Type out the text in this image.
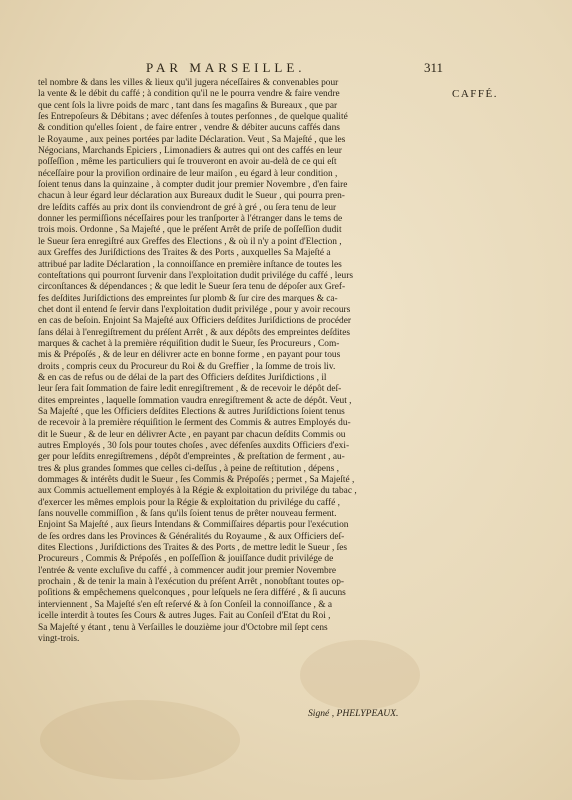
PAR MARSEILLE.	311
CAFFÉ.
tel nombre & dans les villes & lieux qu'il jugera néceſſaires & convenables pour
la vente & le débit du caffé ; à condition qu'il ne le pourra vendre & faire vendre
que cent ſols la livre poids de marc , tant dans ſes magaſins & Bureaux , que par
ſes Entrepoſeurs & Débitans ; avec défenſes à toutes perſonnes , de quelque qualité
& condition qu'elles ſoient , de faire entrer , vendre & débiter aucuns caffés dans
le Royaume , aux peines portées par ladite Déclaration. Veut , Sa Majeſté , que les
Négocians, Marchands Epiciers , Limonadiers & autres qui ont des caffés en leur
poſſeſſion , même les particuliers qui ſe trouveront en avoir au-delà de ce qui eſt
néceſſaire pour la proviſion ordinaire de leur maiſon , eu égard à leur condition ,
ſoient tenus dans la quinzaine , à compter dudit jour premier Novembre , d'en faire
chacun à leur égard leur déclaration aux Bureaux dudit le Sueur , qui pourra pren-
dre leſdits caffés au prix dont ils conviendront de gré à gré , ou ſera tenu de leur
donner les permiſſions néceſſaires pour les tranſporter à l'étranger dans le tems de
trois mois. Ordonne , Sa Majeſté , que le préſent Arrêt de priſe de poſſeſſion dudit
le Sueur ſera enregiſtré aux Greffes des Elections , & où il n'y a point d'Election ,
aux Greffes des Juriſdictions des Traites & des Ports , auxquelles Sa Majeſté a
attribué par ladite Déclaration , la connoiſſance en première inſtance de toutes les
conteſtations qui pourront ſurvenir dans l'exploitation dudit privilége du caffé , leurs
circonſtances & dépendances ; & que ledit le Sueur ſera tenu de dépoſer aux Gref-
fes deſdites Juriſdictions des empreintes ſur plomb & ſur cire des marques & ca-
chet dont il entend ſe ſervir dans l'exploitation dudit privilége , pour y avoir recours
en cas de beſoin. Enjoint Sa Majeſté aux Officiers deſdites Juriſdictions de procéder
ſans délai à l'enregiſtrement du préſent Arrêt , & aux dépôts des empreintes deſdites
marques & cachet à la première réquiſition dudit le Sueur, ſes Procureurs , Com-
mis & Prépoſés , & de leur en délivrer acte en bonne forme , en payant pour tous
droits , compris ceux du Procureur du Roi & du Greffier , la ſomme de trois liv.
& en cas de refus ou de délai de la part des Officiers deſdites Juriſdictions , il
leur ſera fait ſommation de faire ledit enregiſtrement , & de recevoir le dépôt deſ-
dites empreintes , laquelle ſommation vaudra enregiſtrement & acte de dépôt. Veut ,
Sa Majeſté , que les Officiers deſdites Elections & autres Juriſdictions ſoient tenus
de recevoir à la première réquiſition le ſerment des Commis & autres Employés du-
dit le Sueur , & de leur en délivrer Acte , en payant par chacun deſdits Commis ou
autres Employés , 30 ſols pour toutes choſes , avec défenſes auxdits Officiers d'exi-
ger pour leſdits enregiſtremens , dépôt d'empreintes , & preſtation de ferment , au-
tres & plus grandes ſommes que celles ci-deſſus , à peine de reſtitution , dépens ,
dommages & intérêts dudit le Sueur , ſes Commis & Prépoſés ; permet , Sa Majeſté ,
aux Commis actuellement employés à la Régie & exploitation du privilége du tabac ,
d'exercer les mêmes emplois pour la Régie & exploitation du privilége du caffé ,
ſans nouvelle commiſſion , & ſans qu'ils ſoient tenus de prêter nouveau ferment.
Enjoint Sa Majeſté , aux ſieurs Intendans & Commiſſaires départis pour l'exécution
de ſes ordres dans les Provinces & Généralités du Royaume , & aux Officiers deſ-
dites Elections , Juriſdictions des Traites & des Ports , de mettre ledit le Sueur , ſes
Procureurs , Commis & Prépoſés , en poſſeſſion & jouiſſance dudit privilége de
l'entrée & vente excluſive du caffé , à commencer audit jour premier Novembre
prochain , & de tenir la main à l'exécution du préſent Arrêt , nonobſtant toutes op-
poſitions & empêchemens quelconques , pour leſquels ne ſera différé , & ſi aucuns
interviennent , Sa Majeſté s'en eſt reſervé & à ſon Conſeil la connoiſſance , & a
icelle interdit à toutes ſes Cours & autres Juges. Fait au Conſeil d'Etat du Roi ,
Sa Majeſté y étant , tenu à Verſailles le douzième jour d'Octobre mil ſept cens
vingt-trois.
Signé , PHELYPEAUX.
